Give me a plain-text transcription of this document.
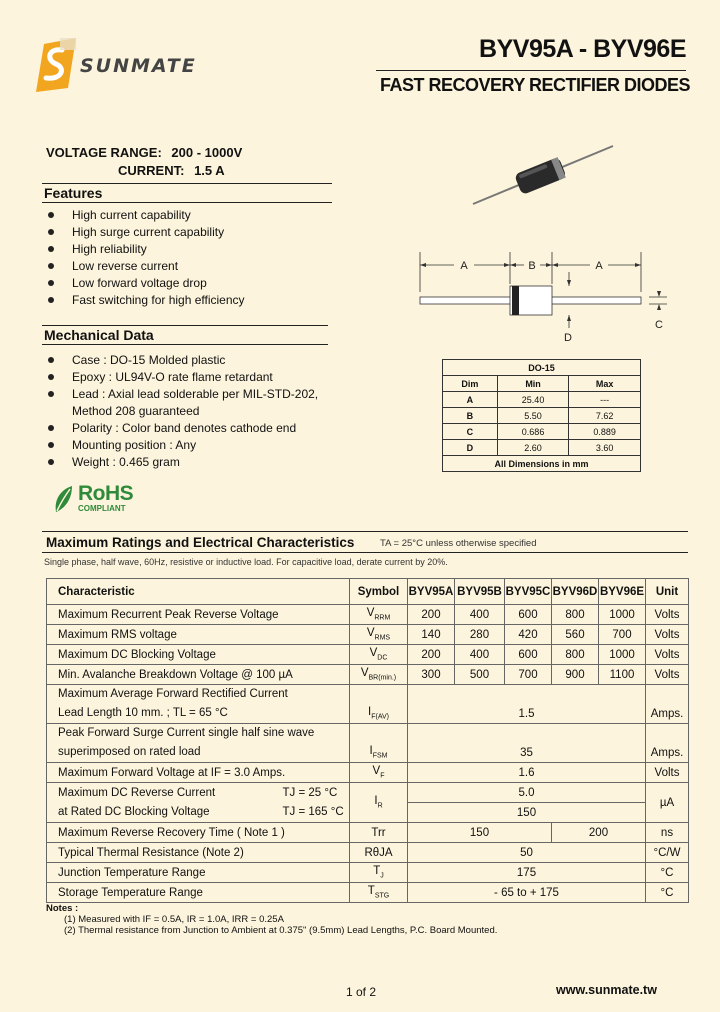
SUNMATE
BYV95A - BYV96E
FAST RECOVERY RECTIFIER DIODES
VOLTAGE RANGE: 200 - 1000V
CURRENT: 1.5 A
Features
High current capability
High surge current capability
High reliability
Low reverse current
Low forward voltage drop
Fast switching for high efficiency
Mechanical Data
Case : DO-15 Molded plastic
Epoxy : UL94V-O rate flame retardant
Lead : Axial lead solderable per MIL-STD-202,
Method 208 guaranteed
Polarity : Color band denotes cathode end
Mounting position : Any
Weight : 0.465 gram
RoHS
COMPLIANT
A	B	A
C
D
DO-15		
Dim	Min	Max
A	25.40	---
B	5.50	7.62
C	0.686	0.889
D	2.60	3.60
All Dimensions in mm		
Maximum Ratings and Electrical Characteristics	TA = 25°C unless otherwise specified
Single phase, half wave, 60Hz, resistive or inductive load. For capacitive load, derate current by 20%.
Characteristic	Symbol	BYV95A	BYV95B	BYV95C	BYV96D	BYV96E	Unit
Maximum Recurrent Peak Reverse Voltage	$V_{RRM}$	200	400	600	800	1000	Volts
Maximum RMS voltage	$V_{RMS}$	140	280	420	560	700	Volts
Maximum DC Blocking Voltage	$V_{DC}$	200	400	600	800	1000	Volts
Min. Avalanche Breakdown Voltage @ 100 µA	$V_{BR(min.)}$	300	500	700	900	1100	Volts

Maximum Average Forward Rectified Current
Lead Length 10 mm. ; TL = 65 °C	$I_{F(AV)}$	1.5					Amps.

Peak Forward Surge Current single half sine wave
superimposed on rated load	$I_{FSM}$	35					Amps.
Maximum Forward Voltage at IF = 3.0 Amps.	$V_F$	1.6					Volts
Maximum DC Reverse Current TJ = 25 °C	$I_R$	5.0					µA
at Rated DC Blocking Voltage TJ = 165 °C		150					
Maximum Reverse Recovery Time ( Note 1 )	Trr	150			200		ns
Typical Thermal Resistance (Note 2)	RθJA	50					°C/W
Junction Temperature Range	$T_J$	175					°C
Storage Temperature Range	$T_{STG}$	- 65 to + 175					°C
Notes :
(1) Measured with IF = 0.5A, IR = 1.0A, IRR = 0.25A
(2) Thermal resistance from Junction to Ambient at 0.375" (9.5mm) Lead Lengths, P.C. Board Mounted.
1 of 2	www.sunmate.tw
